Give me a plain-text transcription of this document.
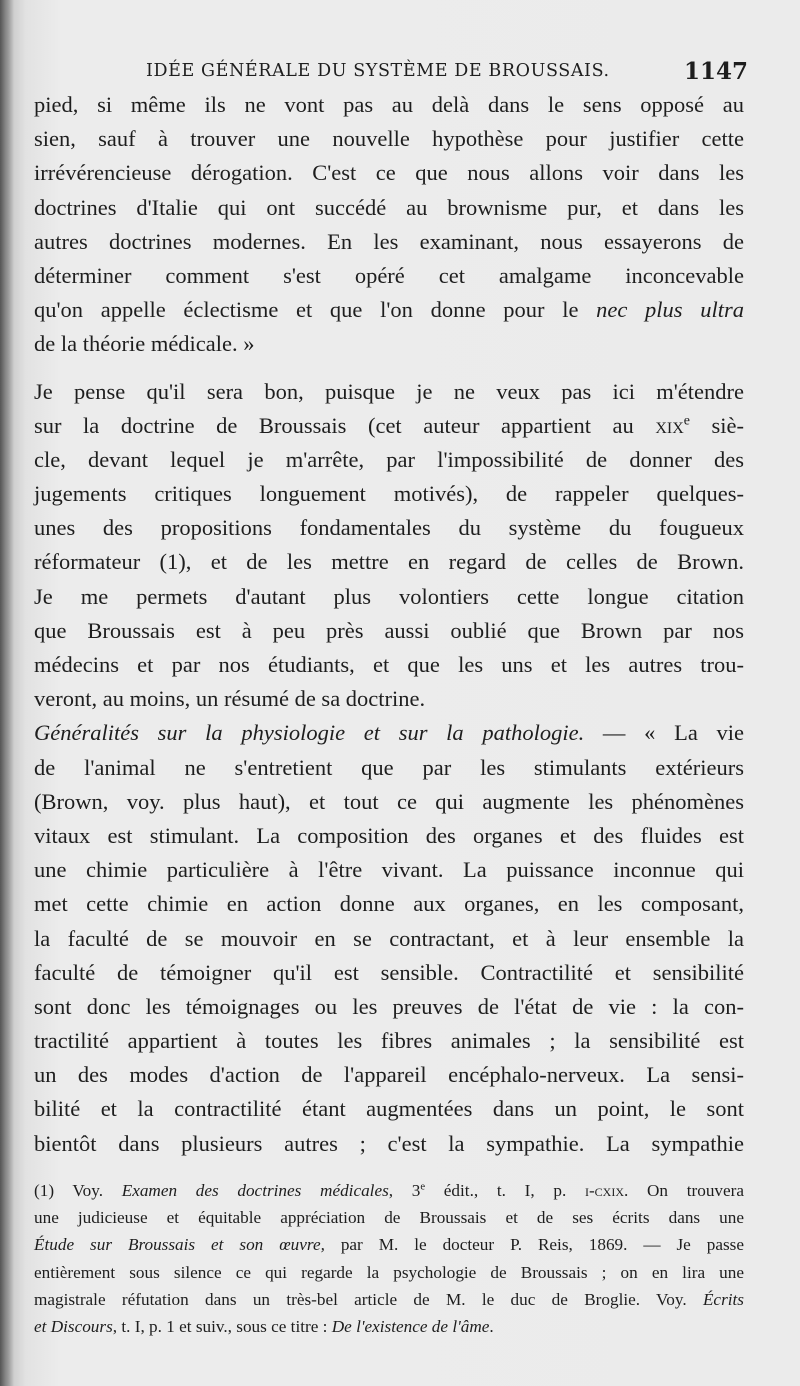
IDÉE GÉNÉRALE DU SYSTÈME DE BROUSSAIS.	1147
pied, si même ils ne vont pas au delà dans le sens opposé au
sien, sauf à trouver une nouvelle hypothèse pour justifier cette
irrévérencieuse dérogation. C'est ce que nous allons voir dans les
doctrines d'Italie qui ont succédé au brownisme pur, et dans les
autres doctrines modernes. En les examinant, nous essayerons de
déterminer comment s'est opéré cet amalgame inconcevable
qu'on appelle éclectisme et que l'on donne pour le nec plus ultra
de la théorie médicale. »
Je pense qu'il sera bon, puisque je ne veux pas ici m'étendre
sur la doctrine de Broussais (cet auteur appartient au xix$^e$ siè-
cle, devant lequel je m'arrête, par l'impossibilité de donner des
jugements critiques longuement motivés), de rappeler quelques-
unes des propositions fondamentales du système du fougueux
réformateur (1), et de les mettre en regard de celles de Brown.
Je me permets d'autant plus volontiers cette longue citation
que Broussais est à peu près aussi oublié que Brown par nos
médecins et par nos étudiants, et que les uns et les autres trou-
veront, au moins, un résumé de sa doctrine.
Généralités sur la physiologie et sur la pathologie. — « La vie
de l'animal ne s'entretient que par les stimulants extérieurs
(Brown, voy. plus haut), et tout ce qui augmente les phénomènes
vitaux est stimulant. La composition des organes et des fluides est
une chimie particulière à l'être vivant. La puissance inconnue qui
met cette chimie en action donne aux organes, en les composant,
la faculté de se mouvoir en se contractant, et à leur ensemble la
faculté de témoigner qu'il est sensible. Contractilité et sensibilité
sont donc les témoignages ou les preuves de l'état de vie : la con-
tractilité appartient à toutes les fibres animales ; la sensibilité est
un des modes d'action de l'appareil encéphalo-nerveux. La sensi-
bilité et la contractilité étant augmentées dans un point, le sont
bientôt dans plusieurs autres ; c'est la sympathie. La sympathie
(1) Voy. Examen des doctrines médicales, 3e édit., t. I, p. i-cxix. On trouvera
une judicieuse et équitable appréciation de Broussais et de ses écrits dans une
Étude sur Broussais et son œuvre, par M. le docteur P. Reis, 1869. — Je passe
entièrement sous silence ce qui regarde la psychologie de Broussais ; on en lira une
magistrale réfutation dans un très-bel article de M. le duc de Broglie. Voy. Écrits
et Discours, t. I, p. 1 et suiv., sous ce titre : De l'existence de l'âme.
